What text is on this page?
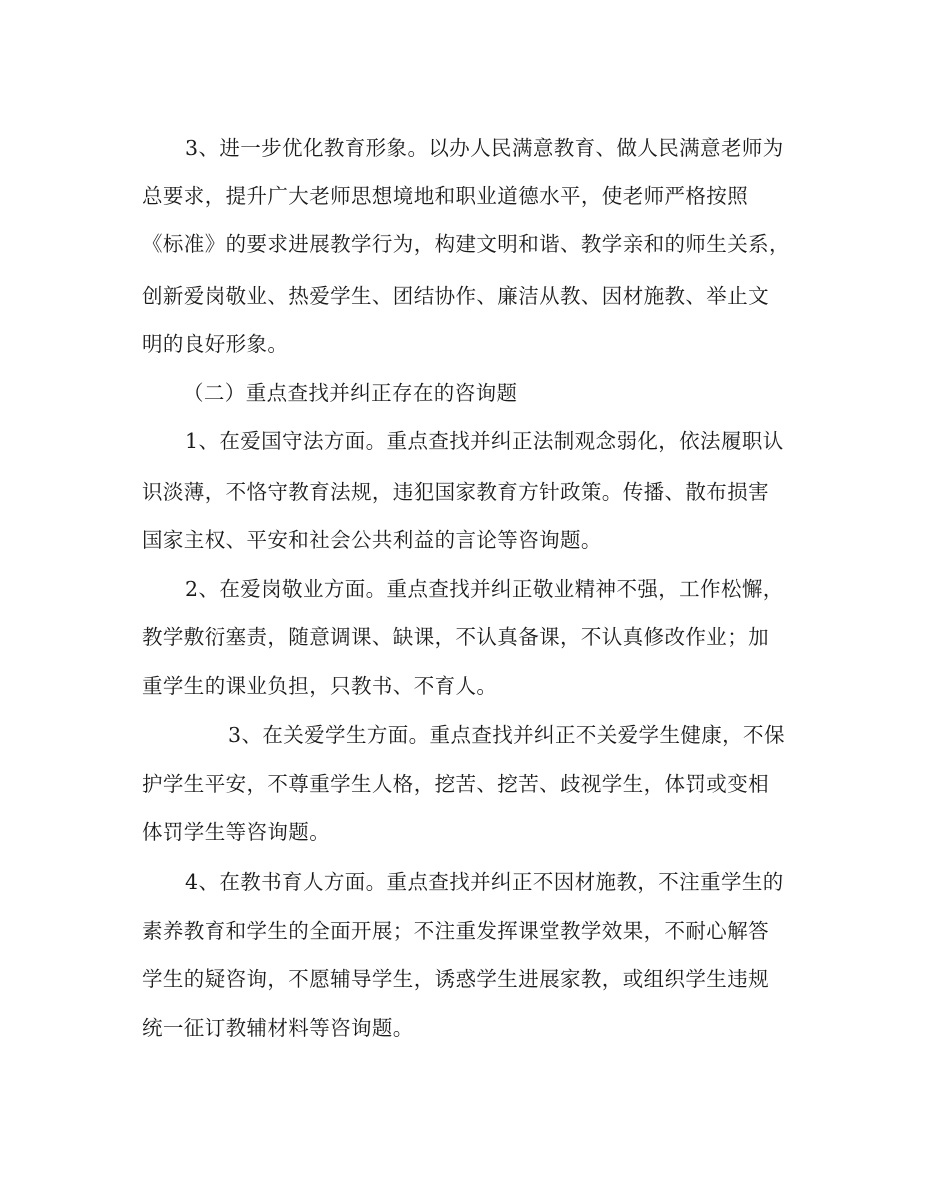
3、进一步优化教育形象。以办人民满意教育、做人民满意老师为

总要求，提升广大老师思想境地和职业道德水平，使老师严格按照

《标准》的要求进展教学行为，构建文明和谐、教学亲和的师生关系，

创新爱岗敬业、热爱学生、团结协作、廉洁从教、因材施教、举止文

明的良好形象。

（二）重点查找并纠正存在的咨询题

1、在爱国守法方面。重点查找并纠正法制观念弱化，依法履职认

识淡薄，不恪守教育法规，违犯国家教育方针政策。传播、散布损害

国家主权、平安和社会公共利益的言论等咨询题。

2、在爱岗敬业方面。重点查找并纠正敬业精神不强，工作松懈，

教学敷衍塞责，随意调课、缺课，不认真备课，不认真修改作业；加

重学生的课业负担，只教书、不育人。

3、在关爱学生方面。重点查找并纠正不关爱学生健康，不保

护学生平安，不尊重学生人格，挖苦、挖苦、歧视学生，体罚或变相

体罚学生等咨询题。

4、在教书育人方面。重点查找并纠正不因材施教，不注重学生的

素养教育和学生的全面开展；不注重发挥课堂教学效果，不耐心解答

学生的疑咨询，不愿辅导学生，诱惑学生进展家教，或组织学生违规

统一征订教辅材料等咨询题。
